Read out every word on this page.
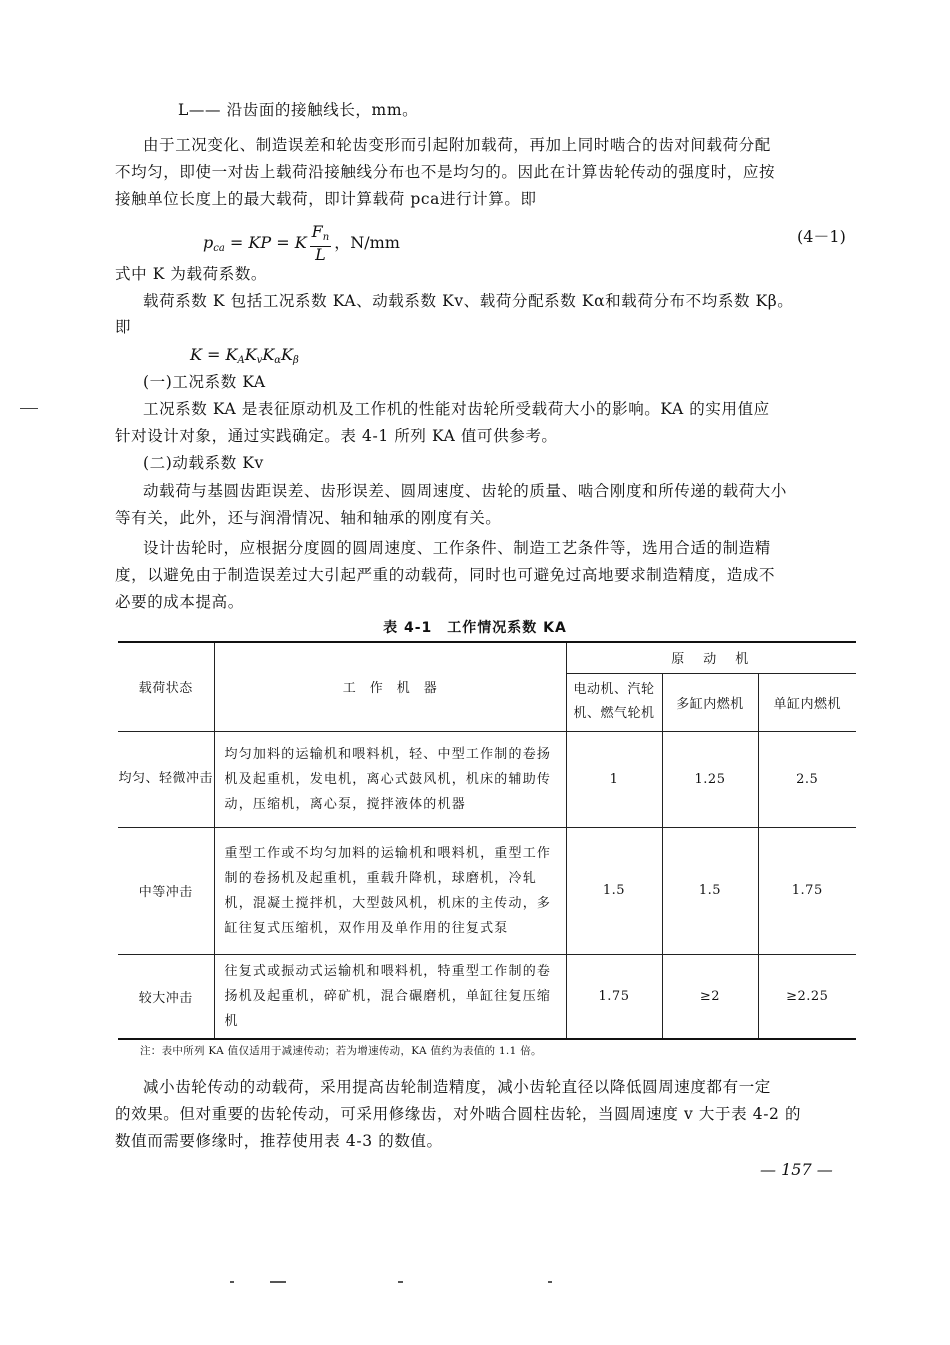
L—— 沿齿面的接触线长，mm。
由于工况变化、制造误差和轮齿变形而引起附加载荷，再加上同时啮合的齿对间载荷分配
不均匀，即使一对齿上载荷沿接触线分布也不是均匀的。因此在计算齿轮传动的强度时，应按
接触单位长度上的最大载荷，即计算载荷 pca进行计算。即
$p_{ca}$ = KP = K $\frac{F_n}{L}$ ，N/mm	(4－1)
式中 K 为载荷系数。
载荷系数 K 包括工况系数 KA、动载系数 Kv、载荷分配系数 Kα和载荷分布不均系数 Kβ。
即
$K = K_AK_vK_\alpha K_\beta$
(一)工况系数 KA
工况系数 KA 是表征原动机及工作机的性能对齿轮所受载荷大小的影响。KA 的实用值应
针对设计对象，通过实践确定。表 4-1 所列 KA 值可供参考。
(二)动载系数 Kv
动载荷与基圆齿距误差、齿形误差、圆周速度、齿轮的质量、啮合刚度和所传递的载荷大小
等有关，此外，还与润滑情况、轴和轴承的刚度有关。
设计齿轮时，应根据分度圆的圆周速度、工作条件、制造工艺条件等，选用合适的制造精
度，以避免由于制造误差过大引起严重的动载荷，同时也可避免过高地要求制造精度，造成不
必要的成本提高。
表 4-1　工作情况系数 KA
载荷状态	工　作　机　器	原　动　机		
		电动机、汽轮机、燃气轮机	多缸内燃机	单缸内燃机
均匀、轻微冲击	均匀加料的运输机和喂料机，轻、中型工作制的卷扬机及起重机，发电机，离心式鼓风机，机床的辅助传动，压缩机，离心泵，搅拌液体的机器	1	1.25	2.5
中等冲击	重型工作或不均匀加料的运输机和喂料机，重型工作制的卷扬机及起重机，重载升降机，球磨机，冷轧机，混凝土搅拌机，大型鼓风机，机床的主传动，多缸往复式压缩机，双作用及单作用的往复式泵	1.5	1.5	1.75
较大冲击	往复式或振动式运输机和喂料机，特重型工作制的卷扬机及起重机，碎矿机，混合碾磨机，单缸往复压缩机	1.75	≥2	≥2.25
注：表中所列 KA 值仅适用于减速传动；若为增速传动，KA 值约为表值的 1.1 倍。
减小齿轮传动的动载荷，采用提高齿轮制造精度，减小齿轮直径以降低圆周速度都有一定
的效果。但对重要的齿轮传动，可采用修缘齿，对外啮合圆柱齿轮，当圆周速度 v 大于表 4-2 的
数值而需要修缘时，推荐使用表 4-3 的数值。
— 157 —
